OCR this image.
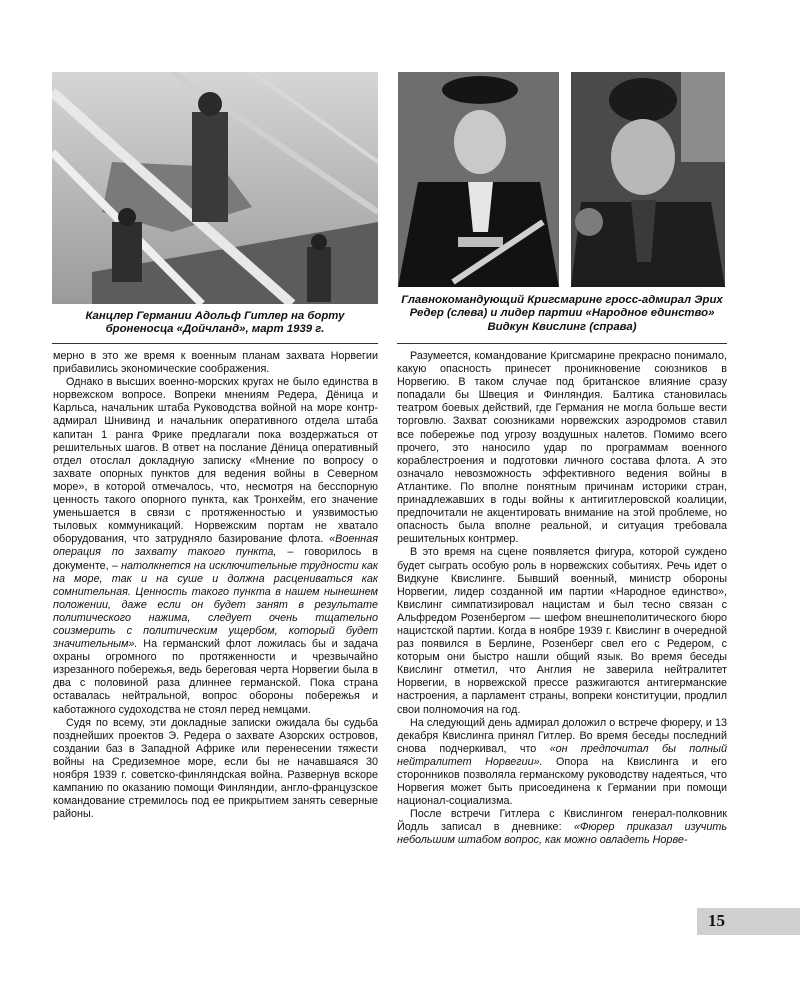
Канцлер Германии Адольф Гитлер на борту броненосца «Дойчланд», март 1939 г.
Главнокомандующий Кригсмарине гросс-адмирал Эрих Редер (слева) и лидер партии «Народное единство» Видкун Квислинг (справа)

мерно в это же время к военным планам захвата Норвегии прибавились экономические соображения.

Однако в высших военно-морских кругах не было единства в норвежском вопросе. Вопреки мнениям Редера, Дёница и Карльса, начальник штаба Руководства войной на море контр-адмирал Шнивинд и начальник оперативного отдела штаба капитан 1 ранга Фрике предлагали пока воздержаться от решительных шагов. В ответ на послание Дёница оперативный отдел отослал докладную записку «Мнение по вопросу о захвате опорных пунктов для ведения войны в Северном море», в которой отмечалось, что, несмотря на бесспорную ценность такого опорного пункта, как Тронхейм, его значение уменьшается в связи с протяженностью и уязвимостью тыловых коммуникаций. Норвежским портам не хватало оборудования, что затрудняло базирование флота. «Военная операция по захвату такого пункта, – говорилось в документе, – натолкнется на исключительные трудности как на море, так и на суше и должна расцениваться как сомнительная. Ценность такого пункта в нашем нынешнем положении, даже если он будет занят в результате политического нажима, следует очень тщательно соизмерить с политическим ущербом, который будет значительным». На германский флот ложилась бы и задача охраны огромного по протяженности и чрезвычайно изрезанного побережья, ведь береговая черта Норвегии была в два с половиной раза длиннее германской. Пока страна оставалась нейтральной, вопрос обороны побережья и каботажного судоходства не стоял перед немцами.

Судя по всему, эти докладные записки ожидала бы судьба позднейших проектов Э. Редера о захвате Азорских островов, создании баз в Западной Африке или перенесении тяжести войны на Средиземное море, если бы не начавшаяся 30 ноября 1939 г. советско-финляндская война. Развернув вскоре кампанию по оказанию помощи Финляндии, англо-французское командование стремилось под ее прикрытием занять северные районы.

Разумеется, командование Кригсмарине прекрасно понимало, какую опасность принесет проникновение союзников в Норвегию. В таком случае под британское влияние сразу попадали бы Швеция и Финляндия. Балтика становилась театром боевых действий, где Германия не могла больше вести торговлю. Захват союзниками норвежских аэродромов ставил все побережье под угрозу воздушных налетов. Помимо всего прочего, это наносило удар по программам военного кораблестроения и подготовки личного состава флота. А это означало невозможность эффективного ведения войны в Атлантике. По вполне понятным причинам историки стран, принадлежавших в годы войны к антигитлеровской коалиции, предпочитали не акцентировать внимание на этой проблеме, но опасность была вполне реальной, и ситуация требовала решительных контрмер.

В это время на сцене появляется фигура, которой суждено будет сыграть особую роль в норвежских событиях. Речь идет о Видкуне Квислинге. Бывший военный, министр обороны Норвегии, лидер созданной им партии «Народное единство», Квислинг симпатизировал нацистам и был тесно связан с Альфредом Розенбергом — шефом внешнеполитического бюро нацистской партии. Когда в ноябре 1939 г. Квислинг в очередной раз появился в Берлине, Розенберг свел его с Редером, с которым они быстро нашли общий язык. Во время беседы Квислинг отметил, что Англия не заверила нейтралитет Норвегии, в норвежской прессе разжигаются антигерманские настроения, а парламент страны, вопреки конституции, продлил свои полномочия на год.

На следующий день адмирал доложил о встрече фюреру, и 13 декабря Квислинга принял Гитлер. Во время беседы последний снова подчеркивал, что «он предпочитал бы полный нейтралитет Норвегии». Опора на Квислинга и его сторонников позволяла германскому руководству надеяться, что Норвегия может быть присоединена к Германии при помощи национал-социализма.

После встречи Гитлера с Квислингом генерал-полковник Йодль записал в дневнике: «Фюрер приказал изучить небольшим штабом вопрос, как можно овладеть Норве-

15
